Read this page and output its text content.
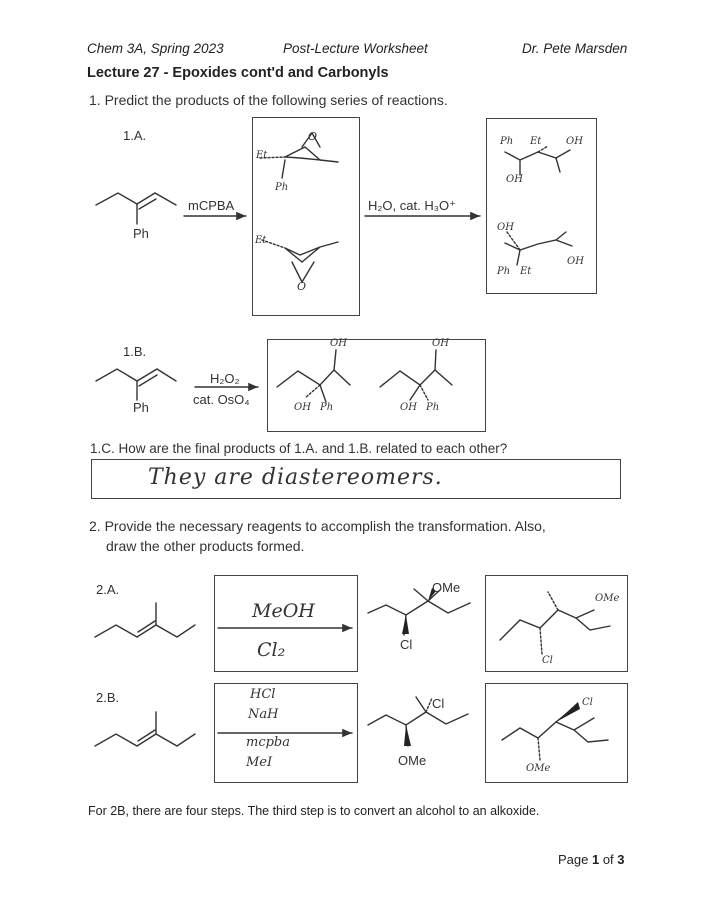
Chem 3A, Spring 2023	Post-Lecture Worksheet	Dr. Pete Marsden
Lecture 27 - Epoxides cont'd and Carbonyls
1. Predict the products of the following series of reactions.
1.A.
Ph
mCPBA	H₂O, cat. H₃O⁺
Et
O
Ph
Et
O
Ph Et OH
OH
OH
Ph Et
OH
1.B.
Ph
H₂O₂
cat. OsO₄
OH
OH Ph
OH
OH Ph
1.C. How are the final products of 1.A. and 1.B. related to each other?
They are diastereomers.
2. Provide the necessary reagents to accomplish the transformation. Also,
draw the other products formed.
2.A.
MeOH
Cl₂
OMe
Cl
OMe
Cl
2.B.	HCl
NaH
mcpba
MeI
Cl
OMe
Cl
OMe
For 2B, there are four steps. The third step is to convert an alcohol to an alkoxide.
Page 1 of 3
